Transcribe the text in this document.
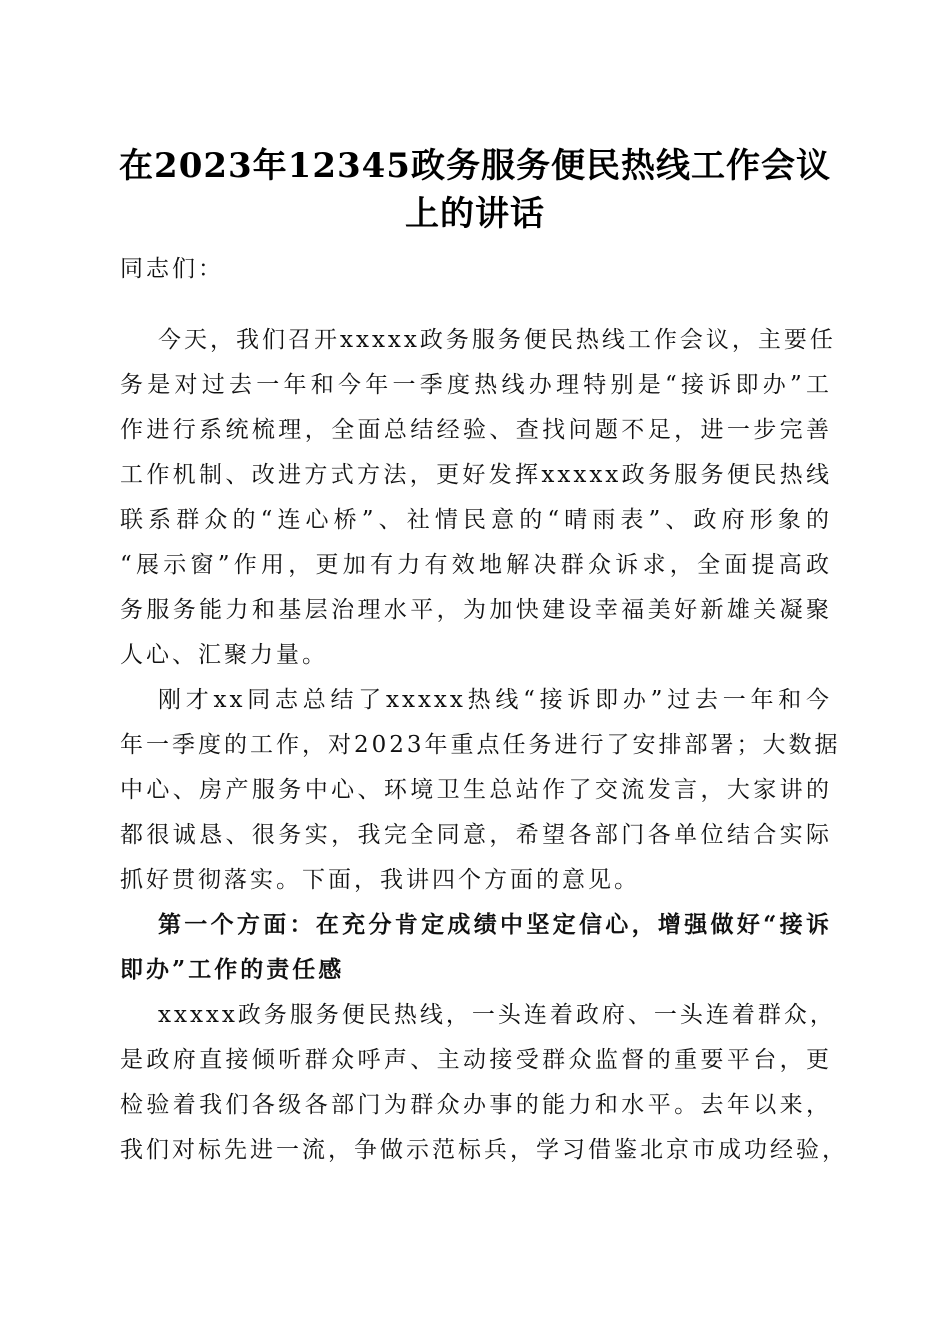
在2023年12345政务服务便民热线工作会议
上的讲话

同志们：

今天，我们召开xxxxx政务服务便民热线工作会议，主要任

务是对过去一年和今年一季度热线办理特别是“接诉即办”工

作进行系统梳理，全面总结经验、查找问题不足，进一步完善

工作机制、改进方式方法，更好发挥xxxxx政务服务便民热线

联系群众的“连心桥”、社情民意的“晴雨表”、政府形象的

“展示窗”作用，更加有力有效地解决群众诉求，全面提高政

务服务能力和基层治理水平，为加快建设幸福美好新雄关凝聚

人心、汇聚力量。

刚才xx同志总结了xxxxx热线“接诉即办”过去一年和今

年一季度的工作，对2023年重点任务进行了安排部署；大数据

中心、房产服务中心、环境卫生总站作了交流发言，大家讲的

都很诚恳、很务实，我完全同意，希望各部门各单位结合实际

抓好贯彻落实。下面，我讲四个方面的意见。

第一个方面：在充分肯定成绩中坚定信心，增强做好“接诉

即办”工作的责任感

xxxxx政务服务便民热线，一头连着政府、一头连着群众，

是政府直接倾听群众呼声、主动接受群众监督的重要平台，更

检验着我们各级各部门为群众办事的能力和水平。去年以来，

我们对标先进一流，争做示范标兵，学习借鉴北京市成功经验，
